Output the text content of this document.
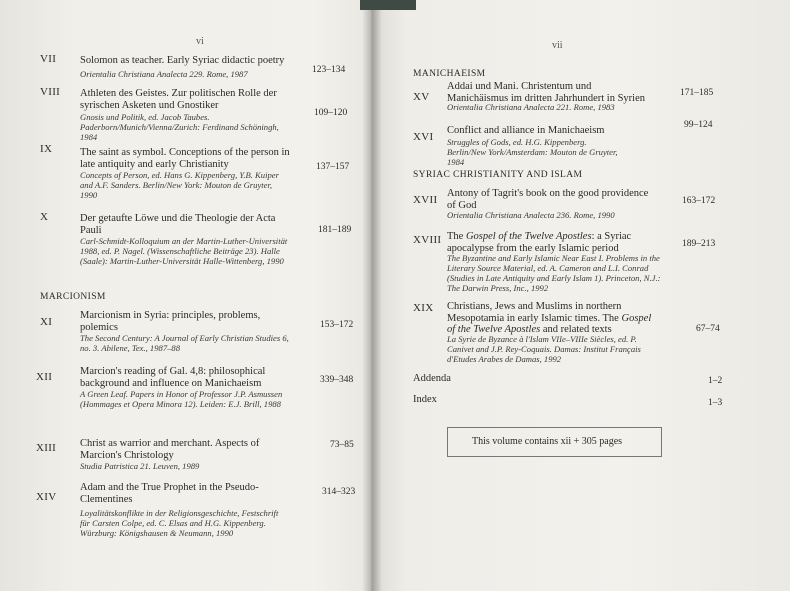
vi
VII Solomon as teacher. Early Syriac didactic poetry
Orientalia Christiana Analecta 229. Rome, 1987	123–134
VIII Athleten des Geistes. Zur politischen Rolle der syrischen Asketen und Gnostiker
Gnosis und Politik, ed. Jacob Taubes. Paderborn/Munich/Vienna/Zurich: Ferdinand Schöningh, 1984
109–120
IX	The saint as symbol. Conceptions of the person in late antiquity and early Christianity
Concepts of Person, ed. Hans G. Kippenberg, Y.B. Kuiper and A.F. Sanders. Berlin/New York: Mouton de Gruyter, 1990
137–157
X	Der getaufte Löwe und die Theologie der Acta Pauli
Carl-Schmidt-Kolloquium an der Martin-Luther-Universität 1988, ed. P. Nagel. (Wissenschaftliche Beiträge 23). Halle (Saale): Martin-Luther-Universität Halle-Wittenberg, 1990
181–189
MARCIONISM
XI
Marcionism in Syria: principles, problems, polemics
The Second Century: A Journal of Early Christian Studies 6, no. 3. Abilene, Tex., 1987–88
153–172
XII	Marcion's reading of Gal. 4,8: philosophical background and influence on Manichaeism
A Green Leaf. Papers in Honor of Professor J.P. Asmussen (Hommages et Opera Minora 12). Leiden: E.J. Brill, 1988
339–348
XIII Christ as warrior and merchant. Aspects of Marcion's Christology
Studia Patristica 21. Leuven, 1989
73–85
XIV
Adam and the True Prophet in the Pseudo-Clementines
Loyalitätskonflikte in der Religionsgeschichte, Festschrift für Carsten Colpe, ed. C. Elsas and H.G. Kippenberg. Würzburg: Königshausen & Neumann, 1990
314–323
vii
MANICHAEISM
XV
Addai und Mani. Christentum und Manichäismus im dritten Jahrhundert in Syrien
Orientalia Christiana Analecta 221. Rome, 1983
171–185
XVI
Conflict and alliance in Manichaeism
Struggles of Gods, ed. H.G. Kippenberg. Berlin/New York/Amsterdam: Mouton de Gruyter, 1984
99–124
SYRIAC CHRISTIANITY AND ISLAM
XVII
Antony of Tagrit's book on the good providence of God
Orientalia Christiana Analecta 236. Rome, 1990
163–172
XVIII The Gospel of the Twelve Apostles: a Syriac apocalypse from the early Islamic period
The Byzantine and Early Islamic Near East I. Problems in the Literary Source Material, ed. A. Cameron and L.I. Conrad (Studies in Late Antiquity and Early Islam 1). Princeton, N.J.: The Darwin Press, Inc., 1992
189–213
XIX Christians, Jews and Muslims in northern Mesopotamia in early Islamic times. The Gospel of the Twelve Apostles and related texts
La Syrie de Byzance à l'Islam VIIe–VIIIe Siècles, ed. P. Canivet and J.P. Rey-Coquais. Damas: Institut Français d'Etudes Arabes de Damas, 1992
67–74
Addenda	1–2
Index	1–3
This volume contains xii + 305 pages
